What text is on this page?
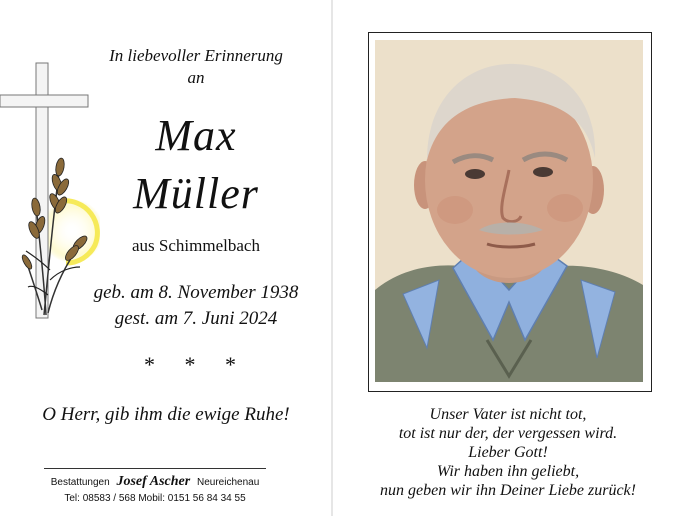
In liebevoller Erinnerung
an
Max
Müller
aus Schimmelbach
geb. am 8. November 1938
gest. am 7. Juni 2024
* * *
O Herr, gib ihm die ewige Ruhe!
Bestattungen Josef Ascher Neureichenau
Tel: 08583 / 568 Mobil: 0151 56 84 34 55
Unser Vater ist nicht tot,
tot ist nur der, der vergessen wird.
Lieber Gott!
Wir haben ihn geliebt,
nun geben wir ihn Deiner Liebe zurück!
